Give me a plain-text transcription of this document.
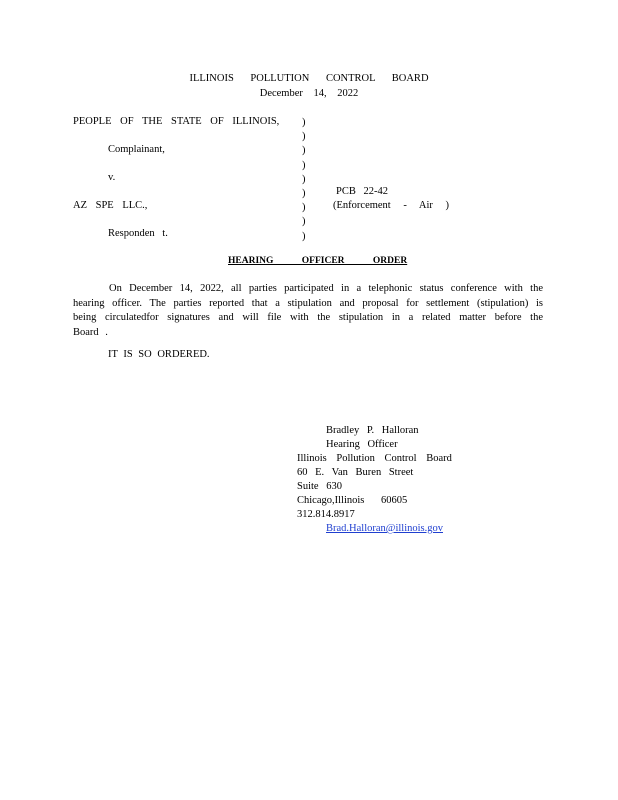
ILLINOIS POLLUTION CONTROL BOARD
December 14, 2022
PEOPLE OF THE STATE OF ILLINOIS,
Complainant,
v.
AZ SPE LLC.,
Responden t.
)
)
)
)
)
)
)
)
)
PCB 22-42
(Enforcement - Air )
HEARING OFFICER ORDER
On December 14, 2022, all parties participated in a telephonic status conference with the hearing officer. The parties reported that a stipulation and proposal for settlement (stipulation) is being circulatedfor signatures and will file with the stipulation in a related matter before the Board .
IT IS SO ORDERED.
Bradley P. Halloran
Hearing Officer
Illinois Pollution Control Board
60 E. Van Buren Street
Suite 630
Chicago,Illinois 60605
312.814.8917
Brad.Halloran@illinois.gov
